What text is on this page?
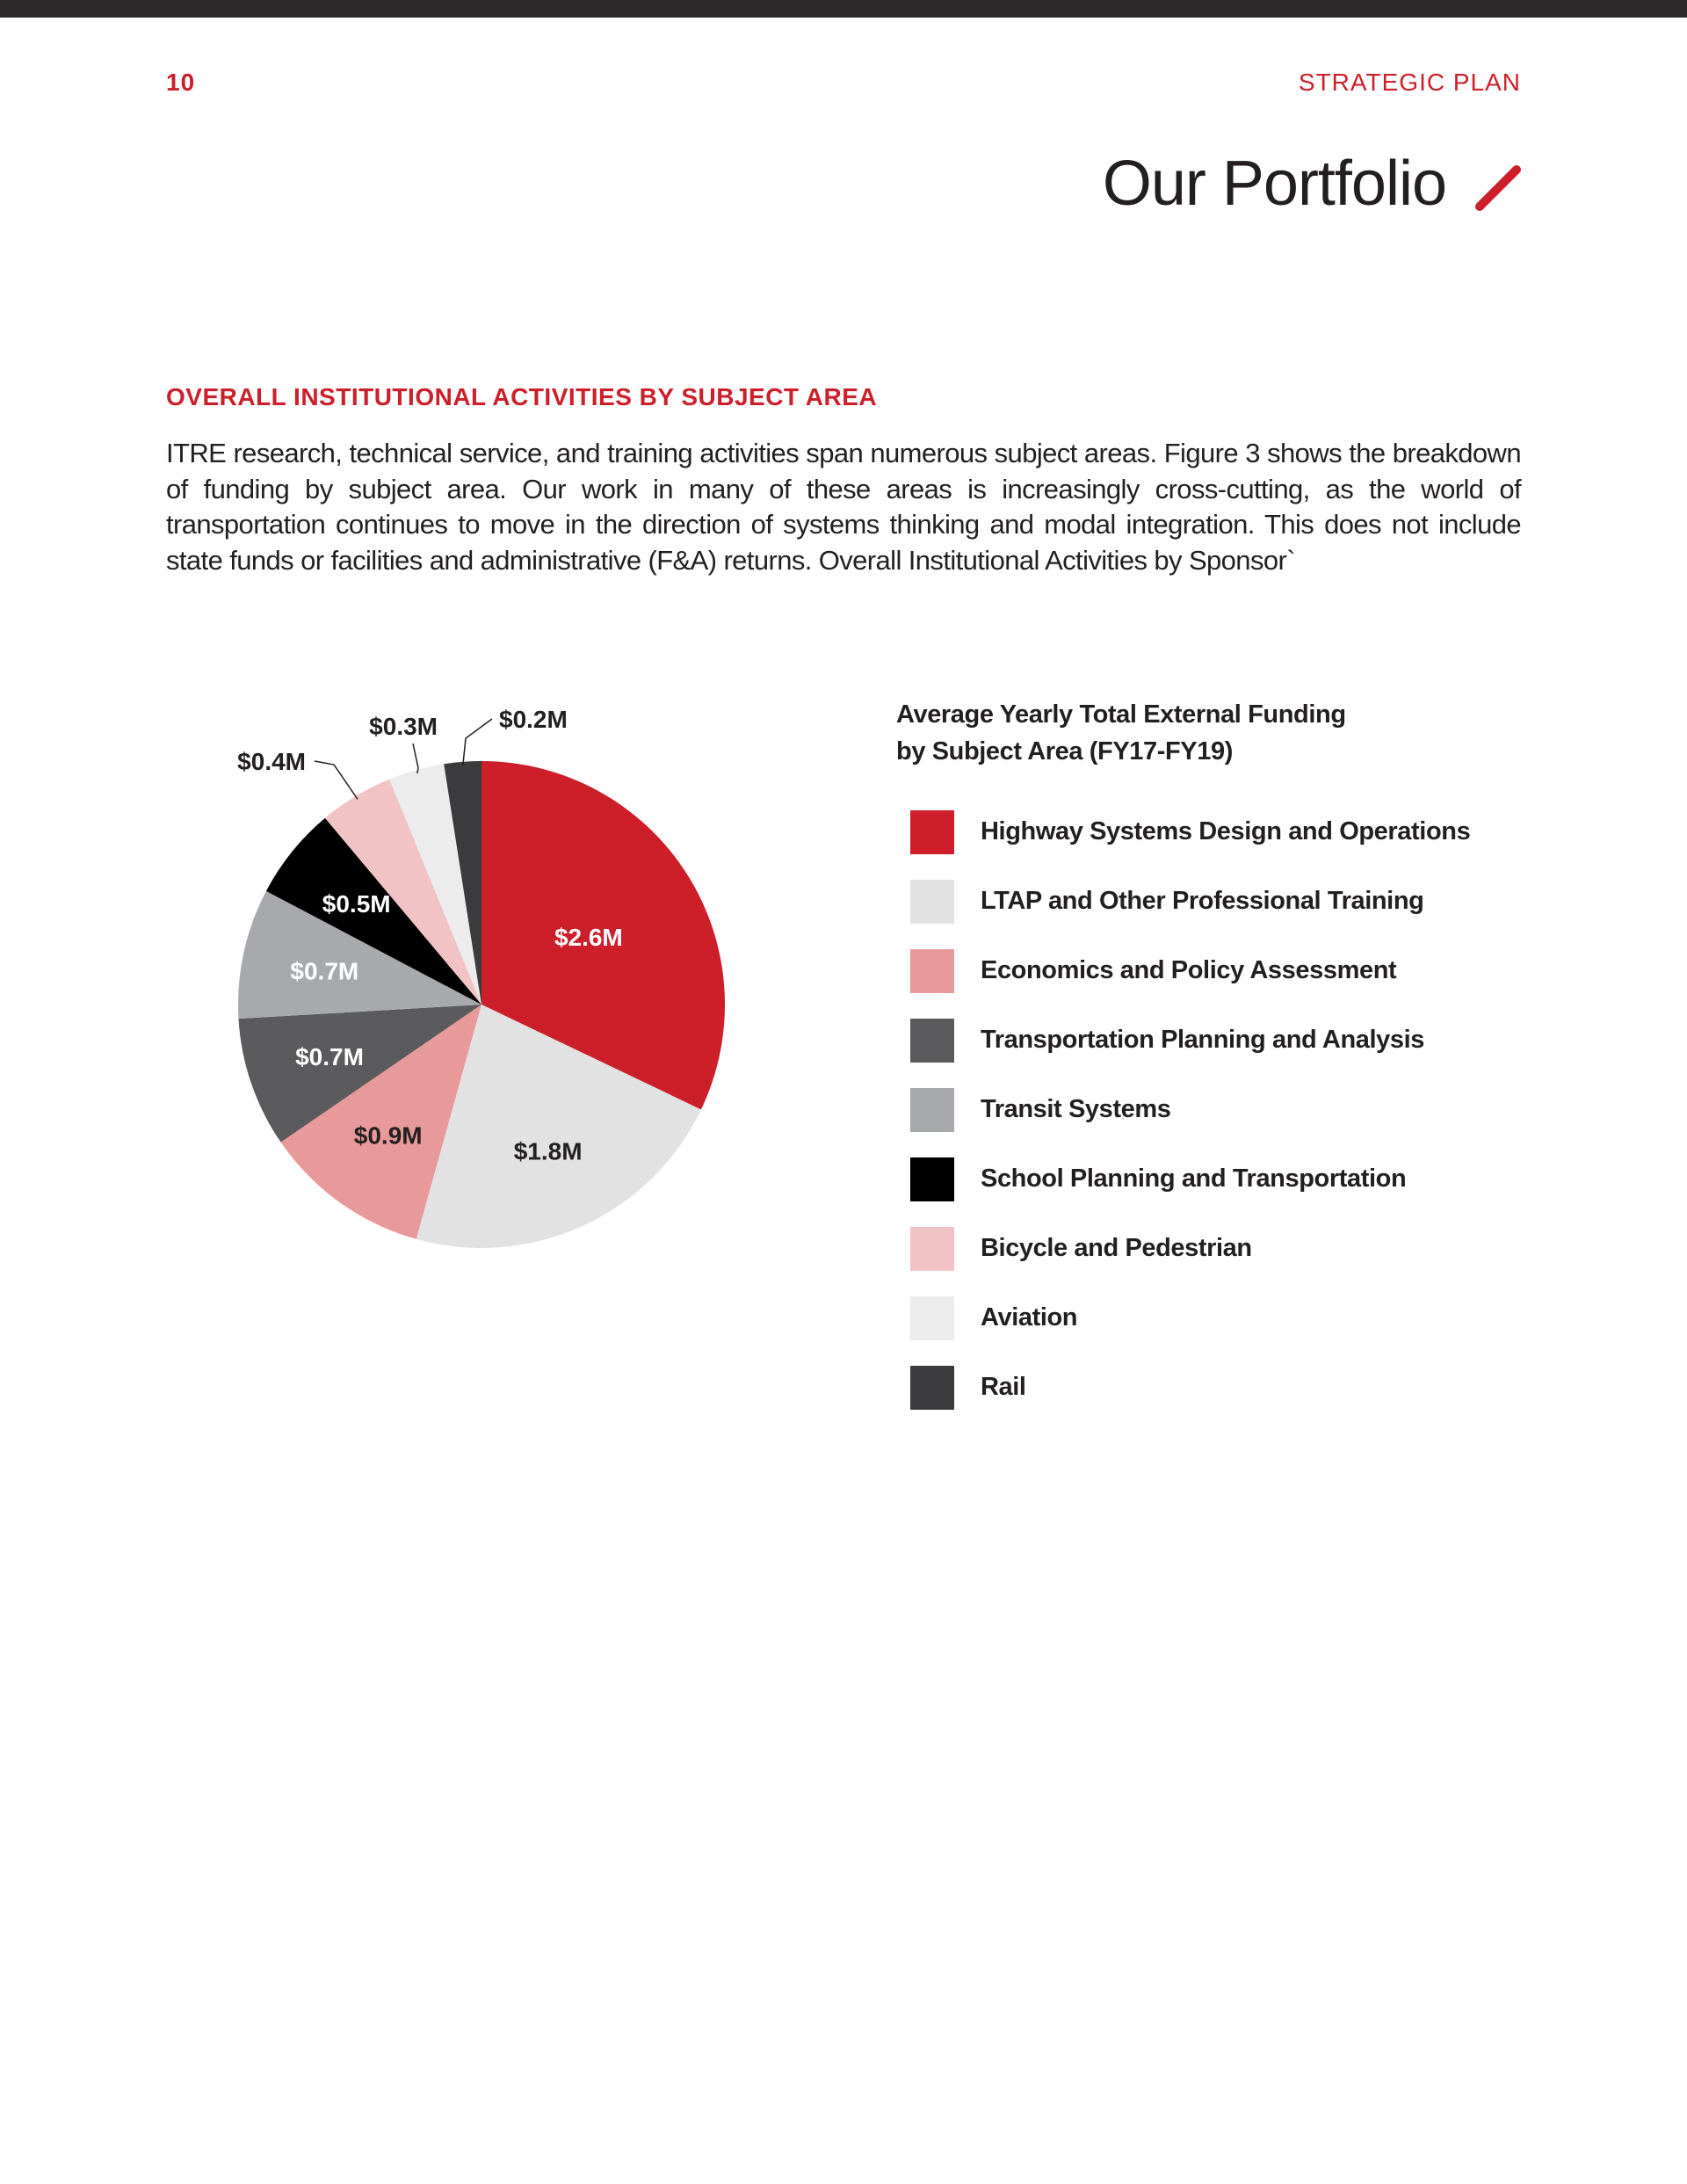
10	STRATEGIC PLAN
Our Portfolio
OVERALL INSTITUTIONAL ACTIVITIES BY SUBJECT AREA
ITRE research, technical service, and training activities span numerous subject areas. Figure 3 shows the breakdown of funding by subject area. Our work in many of these areas is increasingly cross-cutting, as the world of transportation continues to move in the direction of systems thinking and modal integration. This does not include state funds or facilities and administrative (F&A) returns. Overall Institutional Activities by Sponsor`
$2.6M
$1.8M
$0.9M
$0.7M
$0.7M
$0.5M
$0.4M
$0.3M	$0.2M	Average Yearly Total External Funding
by Subject Area (FY17-FY19)
Highway Systems Design and Operations
LTAP and Other Professional Training
Economics and Policy Assessment
Transportation Planning and Analysis
Transit Systems
School Planning and Transportation
Bicycle and Pedestrian
Aviation
Rail
